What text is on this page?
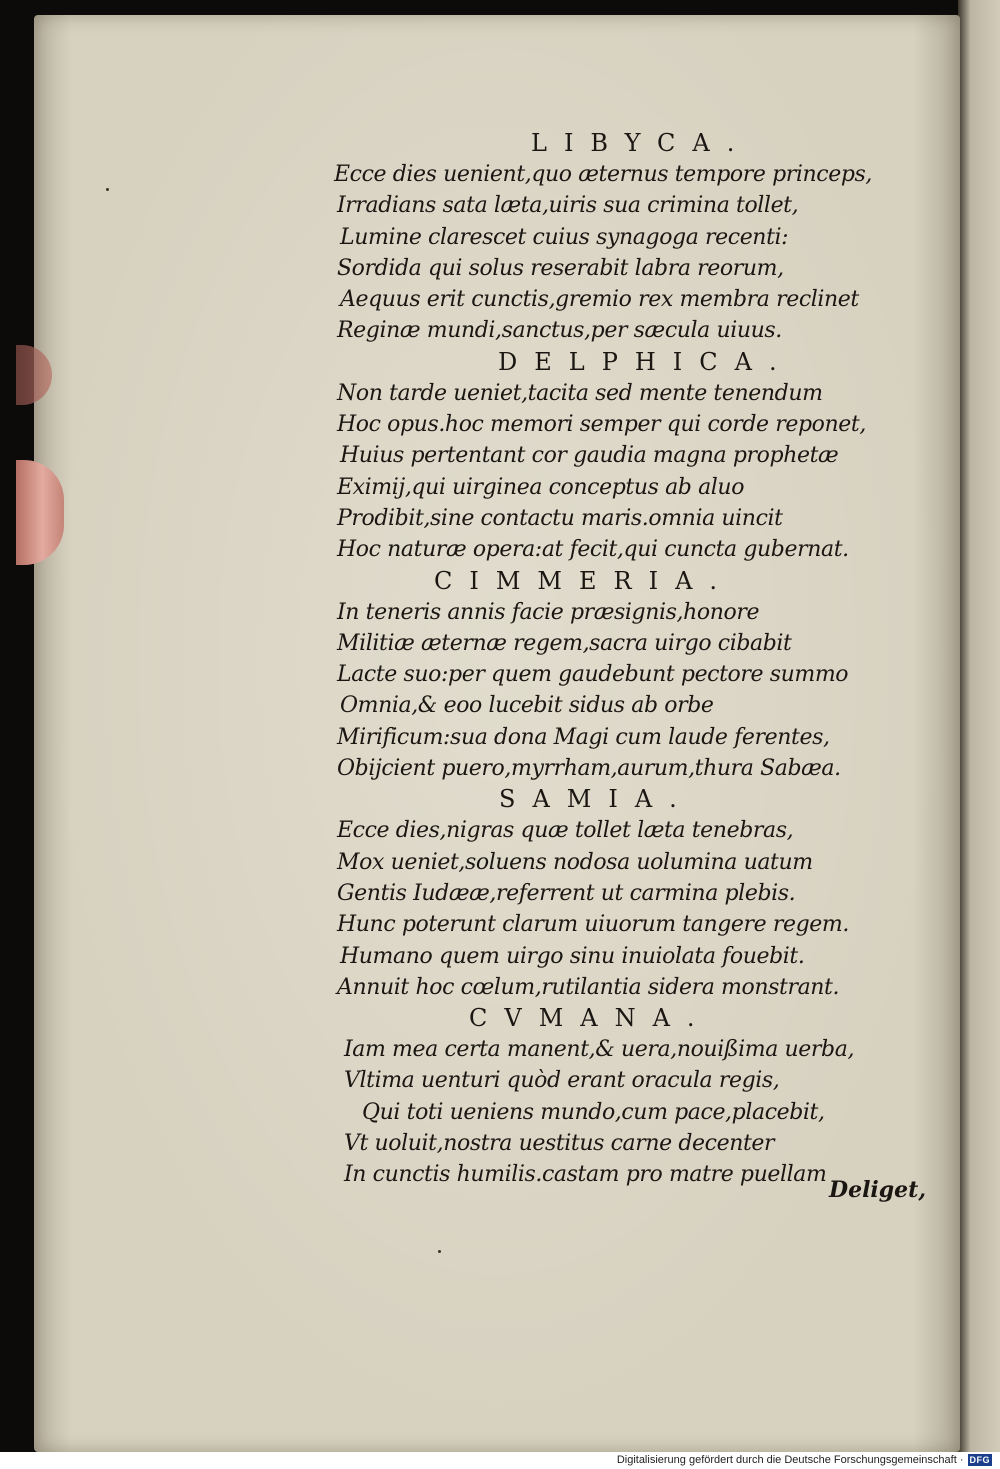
LIBYCA.
Ecce dies uenient,quo æternus tempore princeps,
Irradians sata læta,uiris sua crimina tollet,
Lumine clarescet cuius synagoga recenti:
Sordida qui solus reserabit labra reorum,
Aequus erit cunctis,gremio rex membra reclinet
Reginæ mundi,sanctus,per sæcula uiuus.
DELPHICA.
Non tarde ueniet,tacita sed mente tenendum
Hoc opus.hoc memori semper qui corde reponet,
Huius pertentant cor gaudia magna prophetæ
Eximij,qui uirginea conceptus ab aluo
Prodibit,sine contactu maris.omnia uincit
Hoc naturæ opera:at fecit,qui cuncta gubernat.
CIMMERIA.
In teneris annis facie præsignis,honore
Militiæ æternæ regem,sacra uirgo cibabit
Lacte suo:per quem gaudebunt pectore summo
Omnia,& eoo lucebit sidus ab orbe
Mirificum:sua dona Magi cum laude ferentes,
Obijcient puero,myrrham,aurum,thura Sabæa.
SAMIA.
Ecce dies,nigras quæ tollet læta tenebras,
Mox ueniet,soluens nodosa uolumina uatum
Gentis Iudææ,referrent ut carmina plebis.
Hunc poterunt clarum uiuorum tangere regem.
Humano quem uirgo sinu inuiolata fouebit.
Annuit hoc cœlum,rutilantia sidera monstrant.
CVMANA.
Iam mea certa manent,& uera,nouißima uerba,
Vltima uenturi quòd erant oracula regis,
Qui toti ueniens mundo,cum pace,placebit,
Vt uoluit,nostra uestitus carne decenter
In cunctis humilis.castam pro matre puellam
Deliget,
Digitalisierung gefördert durch die Deutsche Forschungsgemeinschaft · DFG
